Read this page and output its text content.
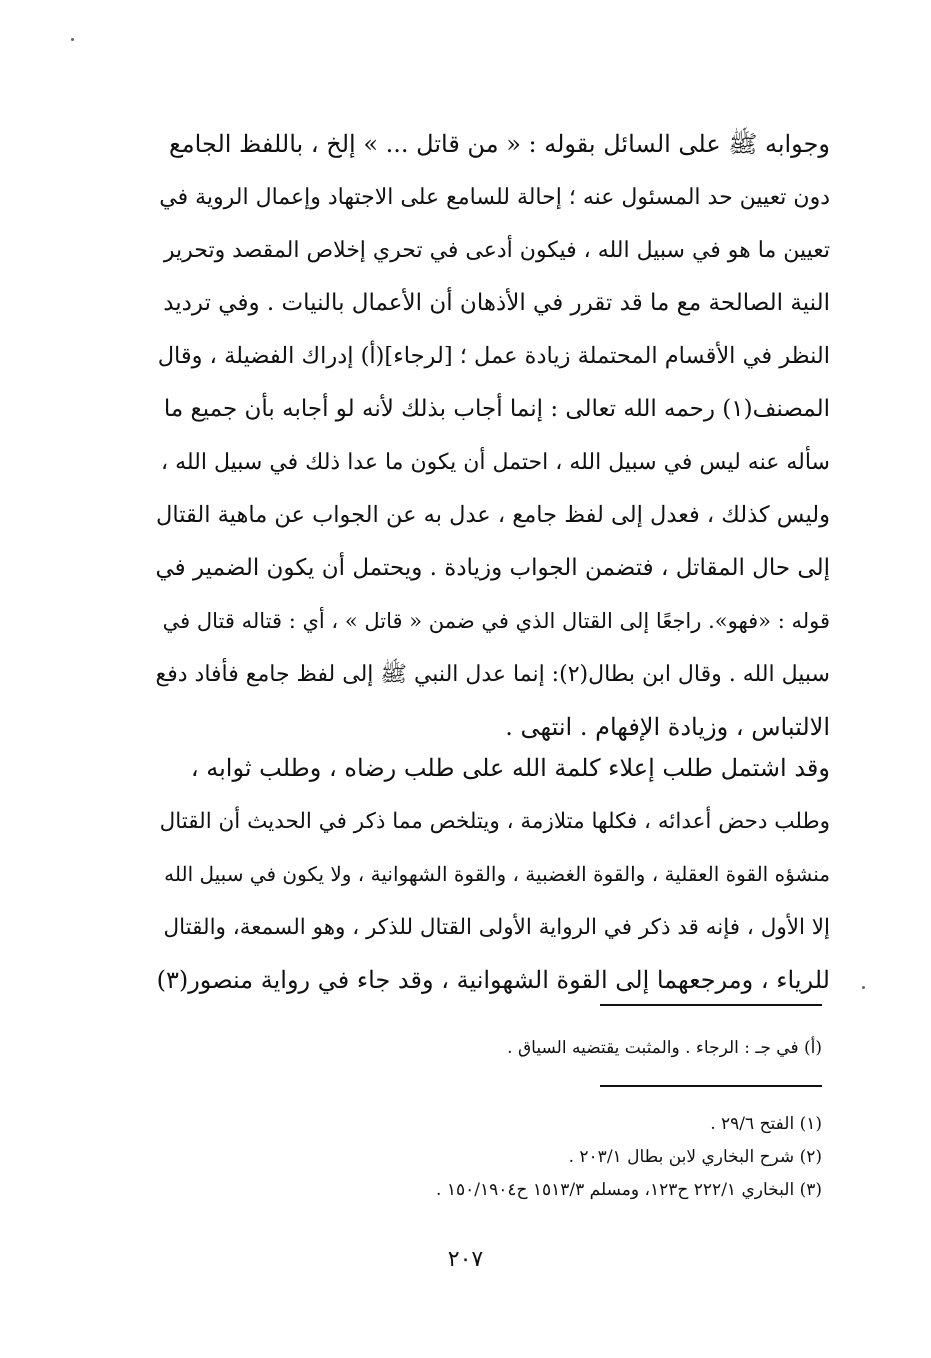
وجوابه ﷺ على السائل بقوله : « من قاتل ... » إلخ ، باللفظ الجامع
دون تعيين حد المسئول عنه ؛ إحالة للسامع على الاجتهاد وإعمال الروية في
تعيين ما هو في سبيل الله ، فيكون أدعى في تحري إخلاص المقصد وتحرير
النية الصالحة مع ما قد تقرر في الأذهان أن الأعمال بالنيات . وفي ترديد
النظر في الأقسام المحتملة زيادة عمل ؛ [لرجاء](أ) إدراك الفضيلة ، وقال
المصنف(١) رحمه الله تعالى : إنما أجاب بذلك لأنه لو أجابه بأن جميع ما
سأله عنه ليس في سبيل الله ، احتمل أن يكون ما عدا ذلك في سبيل الله ،
وليس كذلك ، فعدل إلى لفظ جامع ، عدل به عن الجواب عن ماهية القتال
إلى حال المقاتل ، فتضمن الجواب وزيادة . ويحتمل أن يكون الضمير في
قوله : «فهو». راجعًا إلى القتال الذي في ضمن « قاتل » ، أي : قتاله قتال في
سبيل الله . وقال ابن بطال(٢): إنما عدل النبي ﷺ إلى لفظ جامع فأفاد دفع
الالتباس ، وزيادة الإفهام . انتهى .
وقد اشتمل طلب إعلاء كلمة الله على طلب رضاه ، وطلب ثوابه ،
وطلب دحض أعدائه ، فكلها متلازمة ، ويتلخص مما ذكر في الحديث أن القتال
منشؤه القوة العقلية ، والقوة الغضبية ، والقوة الشهوانية ، ولا يكون في سبيل الله
إلا الأول ، فإنه قد ذكر في الرواية الأولى القتال للذكر ، وهو السمعة، والقتال
للرياء ، ومرجعهما إلى القوة الشهوانية ، وقد جاء في رواية منصور(٣)
(أ) في جـ : الرجاء . والمثبت يقتضيه السياق .
(١) الفتح ٢٩/٦ .
(٢) شرح البخاري لابن بطال ٢٠٣/١ .
(٣) البخاري ٢٢٢/١ ح١٢٣، ومسلم ١٥١٣/٣ ح١٥٠/١٩٠٤ .
٢٠٧
